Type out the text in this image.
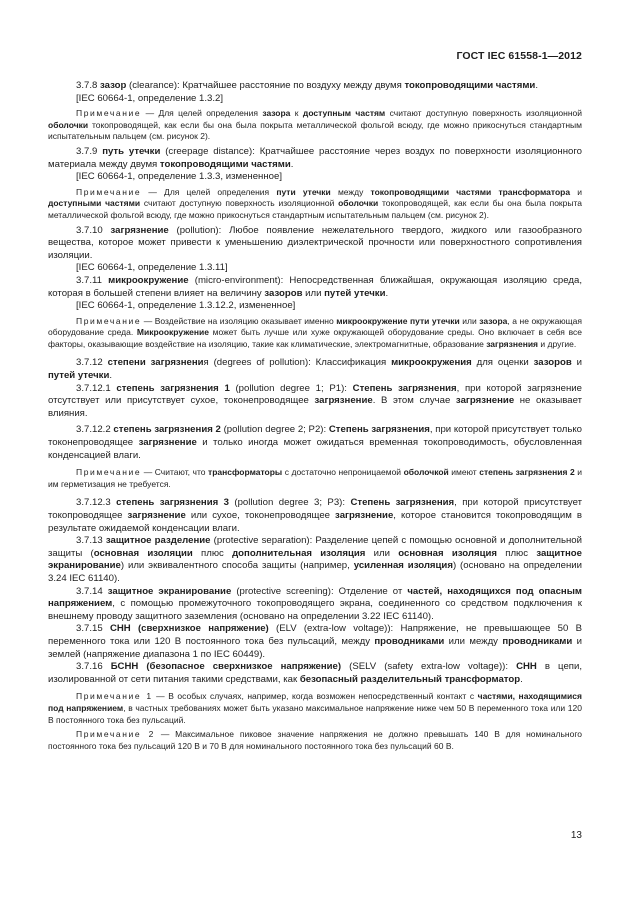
ГОСТ IEC 61558-1—2012

3.7.8 зазор (clearance): Кратчайшее расстояние по воздуху между двумя токопроводящими частями.

[IEC 60664-1, определение 1.3.2]

Примечание — Для целей определения зазора к доступным частям считают доступную поверхность изоляционной оболочки токопроводящей, как если бы она была покрыта металлической фольгой всюду, где можно прикоснуться стандартным испытательным пальцем (см. рисунок 2).

3.7.9 путь утечки (creepage distance): Кратчайшее расстояние через воздух по поверхности изоляционного материала между двумя токопроводящими частями.

[IEC 60664-1, определение 1.3.3, измененное]

Примечание — Для целей определения пути утечки между токопроводящими частями трансформатора и доступными частями считают доступную поверхность изоляционной оболочки токопроводящей, как если бы она была покрыта металлической фольгой всюду, где можно прикоснуться стандартным испытательным пальцем (см. рисунок 2).

3.7.10 загрязнение (pollution): Любое появление нежелательного твердого, жидкого или газообразного вещества, которое может привести к уменьшению диэлектрической прочности или поверхностного сопротивления изоляции.

[IEC 60664-1, определение 1.3.11]

3.7.11 микроокружение (micro-environment): Непосредственная ближайшая, окружающая изоляцию среда, которая в большей степени влияет на величину зазоров или путей утечки.

[IEC 60664-1, определение 1.3.12.2, измененное]

Примечание — Воздействие на изоляцию оказывает именно микроокружение пути утечки или зазора, а не окружающая оборудование среда. Микроокружение может быть лучше или хуже окружающей оборудование среды. Оно включает в себя все факторы, оказывающие воздействие на изоляцию, такие как климатические, электромагнитные, образование загрязнения и другие.

3.7.12 степени загрязнения (degrees of pollution): Классификация микроокружения для оценки зазоров и путей утечки.

3.7.12.1 степень загрязнения 1 (pollution degree 1; P1): Степень загрязнения, при которой загрязнение отсутствует или присутствует сухое, токонепроводящее загрязнение. В этом случае загрязнение не оказывает влияния.

3.7.12.2 степень загрязнения 2 (pollution degree 2; P2): Степень загрязнения, при которой присутствует только токонепроводящее загрязнение и только иногда может ожидаться временная токопроводимость, обусловленная конденсацией влаги.

Примечание — Считают, что трансформаторы с достаточно непроницаемой оболочкой имеют степень загрязнения 2 и им герметизация не требуется.

3.7.12.3 степень загрязнения 3 (pollution degree 3; P3): Степень загрязнения, при которой присутствует токопроводящее загрязнение или сухое, токонепроводящее загрязнение, которое становится токопроводящим в результате ожидаемой конденсации влаги.

3.7.13 защитное разделение (protective separation): Разделение цепей с помощью основной и дополнительной защиты (основная изоляции плюс дополнительная изоляция или основная изоляция плюс защитное экранирование) или эквивалентного способа защиты (например, усиленная изоляция) (основано на определении 3.24 IEC 61140).

3.7.14 защитное экранирование (protective screening): Отделение от частей, находящихся под опасным напряжением, с помощью промежуточного токопроводящего экрана, соединенного со средством подключения к внешнему проводу защитного заземления (основано на определении 3.22 IEC 61140).

3.7.15 СНН (сверхнизкое напряжение) (ELV (extra-low voltage)): Напряжение, не превышающее 50 В переменного тока или 120 В постоянного тока без пульсаций, между проводниками или между проводниками и землей (напряжение диапазона 1 по IEC 60449).

3.7.16 БСНН (безопасное сверхнизкое напряжение) (SELV (safety extra-low voltage)): СНН в цепи, изолированной от сети питания такими средствами, как безопасный разделительный трансформатор.

Примечание 1 — В особых случаях, например, когда возможен непосредственный контакт с частями, находящимися под напряжением, в частных требованиях может быть указано максимальное напряжение ниже чем 50 В переменного тока или 120 В постоянного тока без пульсаций.

Примечание 2 — Максимальное пиковое значение напряжения не должно превышать 140 В для номинального постоянного тока без пульсаций 120 В и 70 В для номинального постоянного тока без пульсаций 60 В.

13
